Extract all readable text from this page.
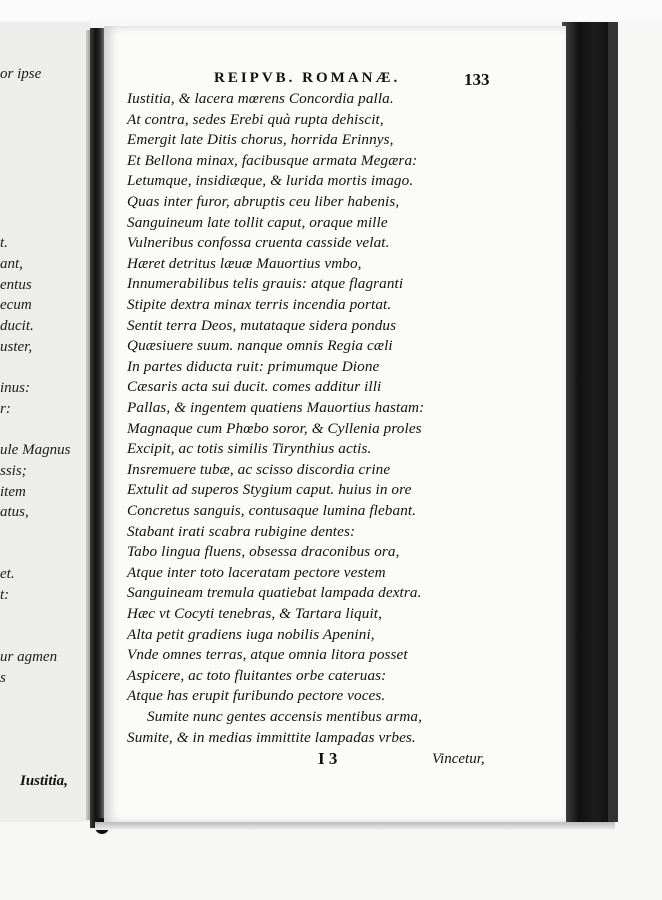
or ipse
t.
ant,
entus
ecum
ducit.
uster,
inus:
r:
ule Magnus
ssis;
item
atus,
et.
t:
ur agmen
s
Iustitia,
REIPVB. ROMANÆ.	133
Iustitia, & lacera mœrens Concordia palla.
At contra, sedes Erebi quà rupta dehiscit,
Emergit late Ditis chorus, horrida Erinnys,
Et Bellona minax, facibusque armata Megæra:
Letumque, insidiæque, & lurida mortis imago.
Quas inter furor, abruptis ceu liber habenis,
Sanguineum late tollit caput, oraque mille
Vulneribus confossa cruenta casside velat.
Hæret detritus læuæ Mauortius vmbo,
Innumerabilibus telis grauis: atque flagranti
Stipite dextra minax terris incendia portat.
Sentit terra Deos, mutataque sidera pondus
Quæsiuere suum. nanque omnis Regia cæli
In partes diducta ruit: primumque Dione
Cæsaris acta sui ducit. comes additur illi
Pallas, & ingentem quatiens Mauortius hastam:
Magnaque cum Phœbo soror, & Cyllenia proles
Excipit, ac totis similis Tirynthius actis.
Insremuere tubæ, ac scisso discordia crine
Extulit ad superos Stygium caput. huius in ore
Concretus sanguis, contusaque lumina flebant.
Stabant irati scabra rubigine dentes:
Tabo lingua fluens, obsessa draconibus ora,
Atque inter toto laceratam pectore vestem
Sanguineam tremula quatiebat lampada dextra.
Hæc vt Cocyti tenebras, & Tartara liquit,
Alta petit gradiens iuga nobilis Apenini,
Vnde omnes terras, atque omnia litora posset
Aspicere, ac toto fluitantes orbe cateruas:
Atque has erupit furibundo pectore voces.
Sumite nunc gentes accensis mentibus arma,
Sumite, & in medias immittite lampadas vrbes.
I 3	Vincetur,
